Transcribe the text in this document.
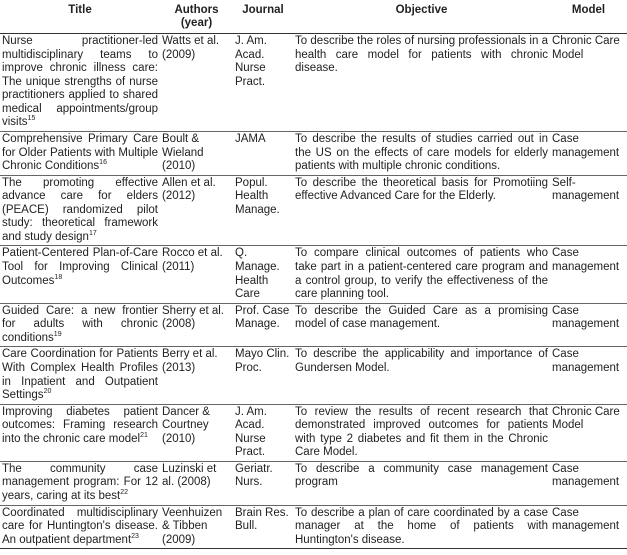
Title	Authors (year)	Journal	Objective	Model
Nurse practitioner-led multidisciplinary teams to improve chronic illness care: The unique strengths of nurse practitioners applied to shared medical appointments/group visits$^{15}$	Watts et al. (2009)	J. Am. Acad. Nurse Pract.	To describe the roles of nursing professionals in a health care model for patients with chronic disease.	Chronic Care Model
Comprehensive Primary Care for Older Patients with Multiple Chronic Conditions$^{16}$	Boult & Wieland (2010)	JAMA	To describe the results of studies carried out in the US on the effects of care models for elderly patients with multiple chronic conditions.	Case management
The promoting effective advance care for elders (PEACE) randomized pilot study: theoretical framework and study design$^{17}$	Allen et al. (2012)	Popul. Health Manage.	To describe the theoretical basis for Promotiing effective Advanced Care for the Elderly.	Self-management
Patient-Centered Plan-of-Care Tool for Improving Clinical Outcomes$^{18}$	Rocco et al. (2011)	Q. Manage. Health Care	To compare clinical outcomes of patients who take part in a patient-centered care program and a control group, to verify the effectiveness of the care planning tool.	Case management
Guided Care: a new frontier for adults with chronic conditions$^{19}$	Sherry et al. (2008)	Prof. Case Manage.	To describe the Guided Care as a promising model of case management.	Case management
Care Coordination for Patients With Complex Health Profiles in Inpatient and Outpatient Settings$^{20}$	Berry et al. (2013)	Mayo Clin. Proc.	To describe the applicability and importance of Gundersen Model.	Case management
Improving diabetes patient outcomes: Framing research into the chronic care model$^{21}$	Dancer & Courtney (2010)	J. Am. Acad. Nurse Pract.	To review the results of recent research that demonstrated improved outcomes for patients with type 2 diabetes and fit them in the Chronic Care Model.	Chronic Care Model
The community case management program: For 12 years, caring at its best$^{22}$	Luzinski et al. (2008)	Geriatr. Nurs.	To describe a community case management program	Case management
Coordinated multidisciplinary care for Huntington's disease. An outpatient department$^{23}$	Veenhuizen & Tibben (2009)	Brain Res. Bull.	To describe a plan of care coordinated by a case manager at the home of patients with Huntington's disease.	Case management
